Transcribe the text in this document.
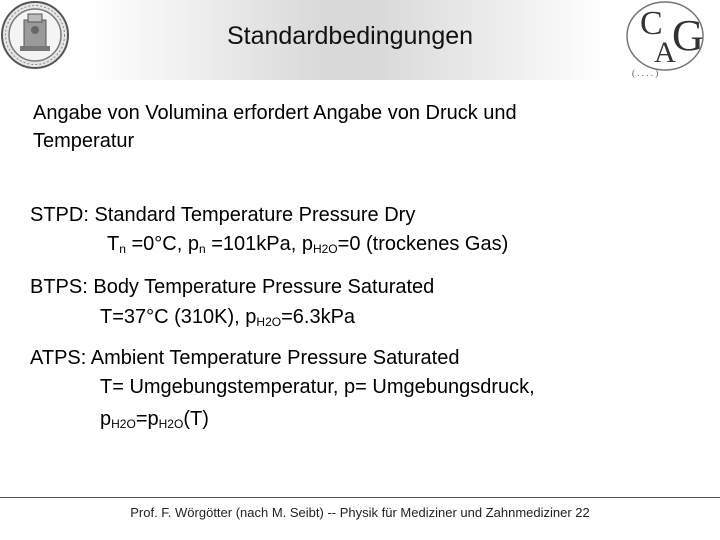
Standardbedingungen	C
A
G
( . . . . )
Angabe von Volumina erfordert Angabe von Druck und
Temperatur
STPD: Standard Temperature Pressure Dry
$T_n =0^\circ C$, $p_n =101kPa$, $p_{H2O}=0$ (trockenes Gas)
BTPS: Body Temperature Pressure Saturated
T=37°C (310K), $p_{H2O}=6.3kPa$
ATPS: Ambient Temperature Pressure Saturated
T= Umgebungstemperatur, p= Umgebungsdruck,
$p_{H2O}=p_{H2O}(T)$
Prof. F. Wörgötter (nach M. Seibt) -- Physik für Mediziner und Zahnmediziner 22
